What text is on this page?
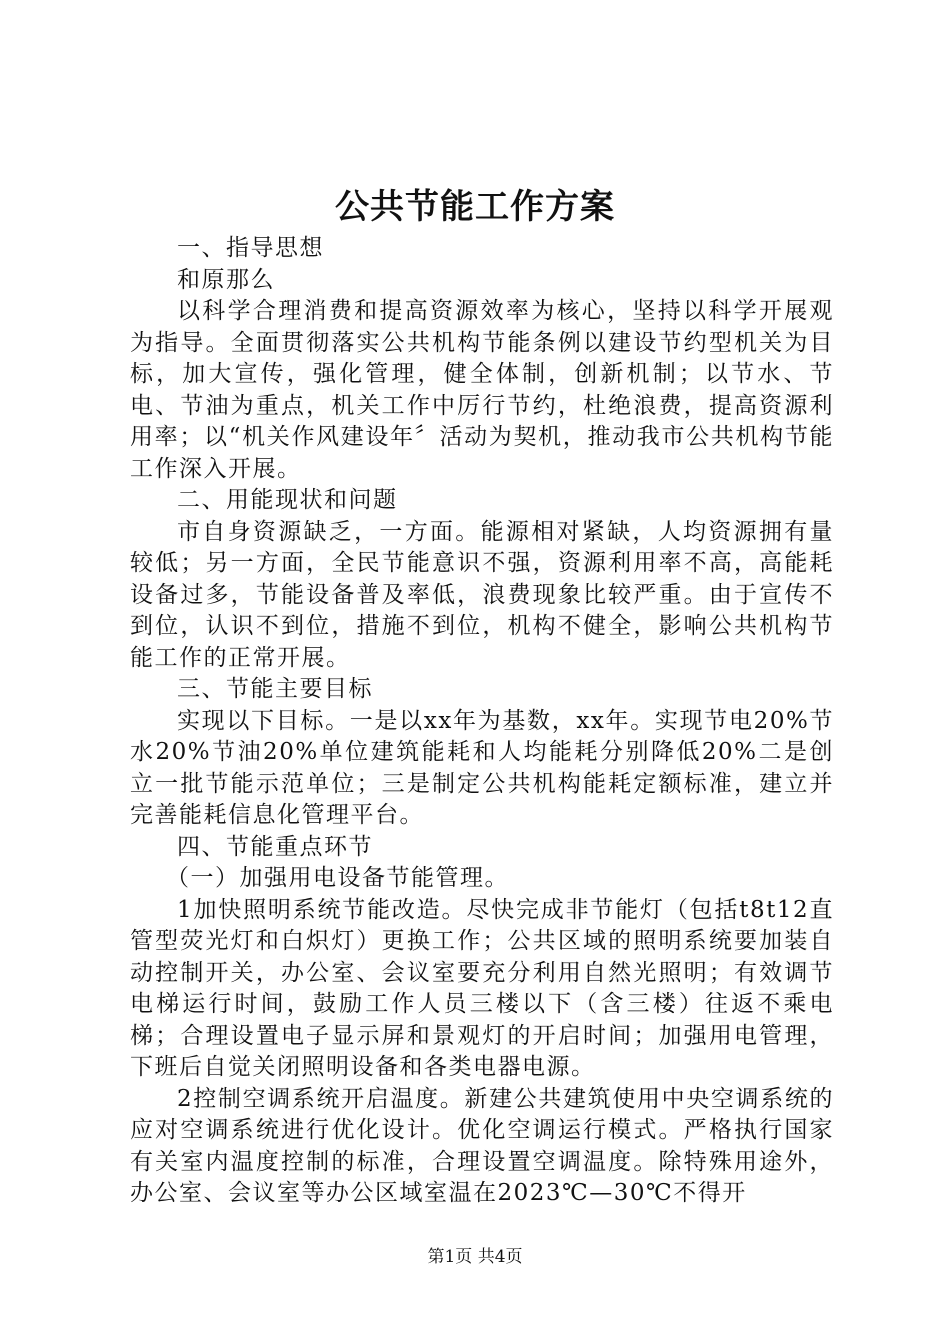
公共节能工作方案

一、指导思想

和原那么

以科学合理消费和提高资源效率为核心，坚持以科学开展观为指导。全面贯彻落实公共机构节能条例以建设节约型机关为目标，加大宣传，强化管理，健全体制，创新机制；以节水、节电、节油为重点，机关工作中厉行节约，杜绝浪费，提高资源利用率；以“机关作风建设年〞活动为契机，推动我市公共机构节能工作深入开展。

二、用能现状和问题

市自身资源缺乏，一方面。能源相对紧缺，人均资源拥有量较低；另一方面，全民节能意识不强，资源利用率不高，高能耗设备过多，节能设备普及率低，浪费现象比较严重。由于宣传不到位，认识不到位，措施不到位，机构不健全，影响公共机构节能工作的正常开展。

三、节能主要目标

实现以下目标。一是以xx年为基数，xx年。实现节电20%节水20%节油20%单位建筑能耗和人均能耗分别降低20%二是创立一批节能示范单位；三是制定公共机构能耗定额标准，建立并完善能耗信息化管理平台。

四、节能重点环节

（一）加强用电设备节能管理。

1加快照明系统节能改造。尽快完成非节能灯（包括t8t12直管型荧光灯和白炽灯）更换工作；公共区域的照明系统要加装自动控制开关，办公室、会议室要充分利用自然光照明；有效调节电梯运行时间，鼓励工作人员三楼以下（含三楼）往返不乘电梯；合理设置电子显示屏和景观灯的开启时间；加强用电管理，下班后自觉关闭照明设备和各类电器电源。

2控制空调系统开启温度。新建公共建筑使用中央空调系统的应对空调系统进行优化设计。优化空调运行模式。严格执行国家有关室内温度控制的标准，合理设置空调温度。除特殊用途外，办公室、会议室等办公区域室温在2023℃—30℃不得开

第1页 共4页
